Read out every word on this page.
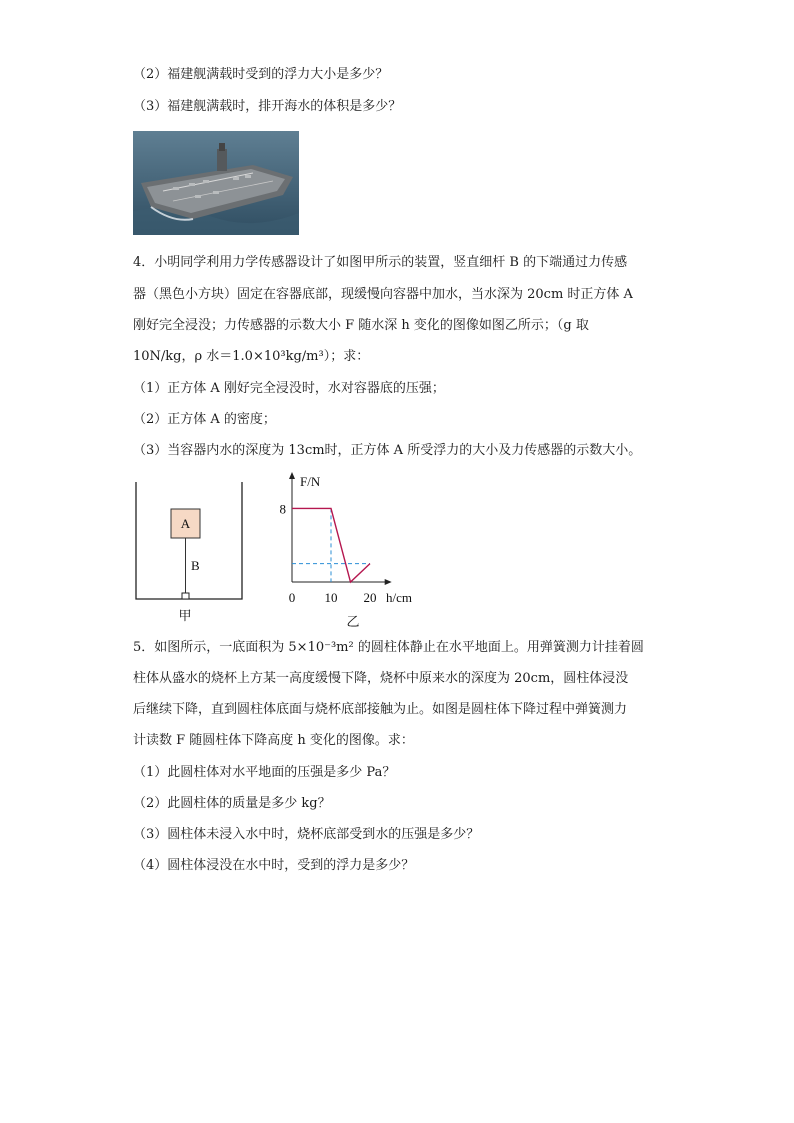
（2）福建舰满载时受到的浮力大小是多少？
（3）福建舰满载时，排开海水的体积是多少？
4．小明同学利用力学传感器设计了如图甲所示的装置，竖直细杆 B 的下端通过力传感
器（黑色小方块）固定在容器底部，现缓慢向容器中加水，当水深为 20cm 时正方体 A
刚好完全浸没；力传感器的示数大小 F 随水深 h 变化的图像如图乙所示；（g 取
10N/kg，ρ 水＝1.0×10³kg/m³）；求：
（1）正方体 A 刚好完全浸没时，水对容器底的压强；
（2）正方体 A 的密度；
（3）当容器内水的深度为 13cm时，正方体 A 所受浮力的大小及力传感器的示数大小。
A
B
甲
F/N
h/cm
0 10 20
8
乙
5．如图所示，一底面积为 5×10⁻³m² 的圆柱体静止在水平地面上。用弹簧测力计挂着圆
柱体从盛水的烧杯上方某一高度缓慢下降，烧杯中原来水的深度为 20cm，圆柱体浸没
后继续下降，直到圆柱体底面与烧杯底部接触为止。如图是圆柱体下降过程中弹簧测力
计读数 F 随圆柱体下降高度 h 变化的图像。求：
（1）此圆柱体对水平地面的压强是多少 Pa？
（2）此圆柱体的质量是多少 kg？
（3）圆柱体未浸入水中时，烧杯底部受到水的压强是多少？
（4）圆柱体浸没在水中时，受到的浮力是多少？
